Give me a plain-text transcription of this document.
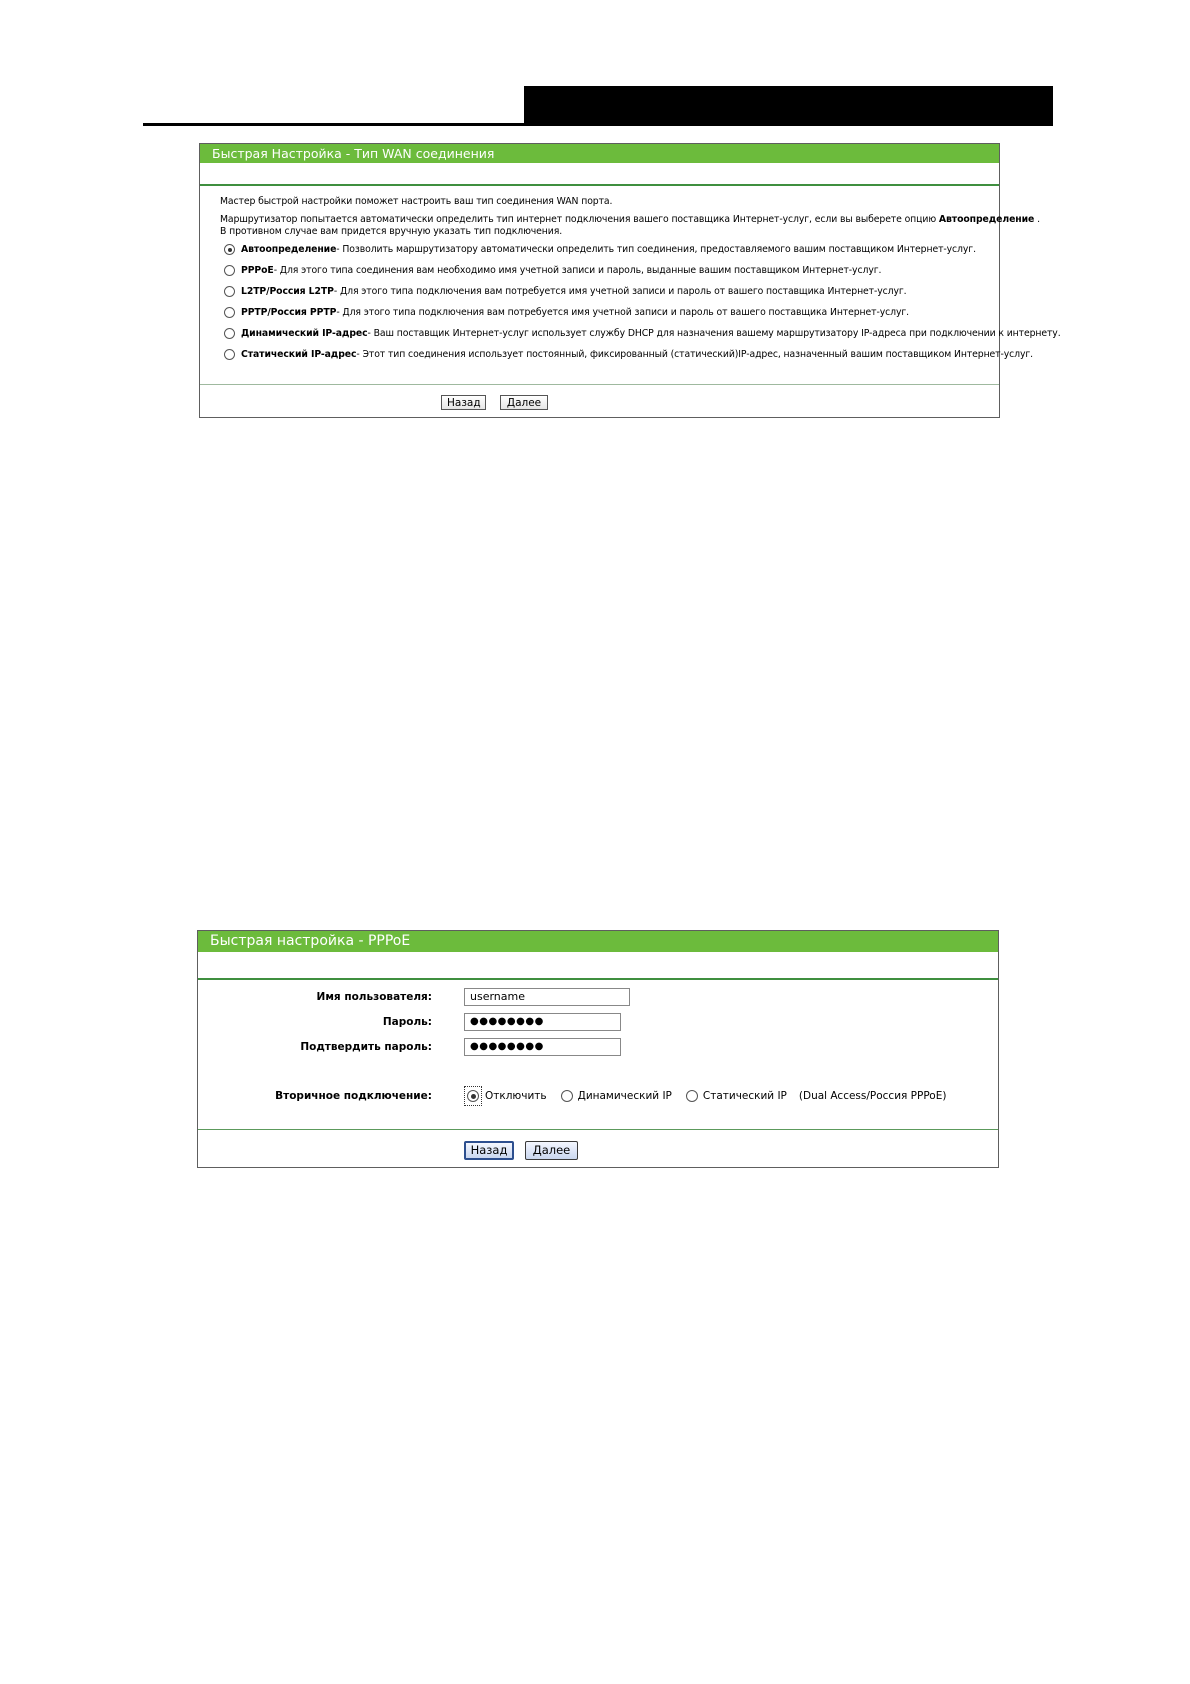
Быстрая Настройка - Тип WAN соединения
Мастер быстрой настройки поможет настроить ваш тип соединения WAN порта.
Маршрутизатор попытается автоматически определить тип интернет подключения вашего поставщика Интернет-услуг, если вы выберете опцию Автоопределение .
В противном случае вам придется вручную указать тип подключения.
Автоопределение - Позволить маршрутизатору автоматически определить тип соединения, предоставляемого вашим поставщиком Интернет-услуг.
PPPoE - Для этого типа соединения вам необходимо имя учетной записи и пароль, выданные вашим поставщиком Интернет-услуг.
L2TP/Россия L2TP - Для этого типа подключения вам потребуется имя учетной записи и пароль от вашего поставщика Интернет-услуг.
PPTP/Россия PPTP - Для этого типа подключения вам потребуется имя учетной записи и пароль от вашего поставщика Интернет-услуг.
Динамический IP-адрес - Ваш поставщик Интернет-услуг использует службу DHCP для назначения вашему маршрутизатору IP-адреса при подключении к интернету.
Статический IP-адрес - Этот тип соединения использует постоянный, фиксированный (статический)IP-адрес, назначенный вашим поставщиком Интернет-услуг.
Назад	Далее
Быстрая настройка - PPPoE
Имя пользователя:	username
Пароль:	●●●●●●●●
Подтвердить пароль:	●●●●●●●●
Вторичное подключение:	Отключить	Динамический IP	Статический IP (Dual Access/Россия PPPoE)
Назад	Далее
